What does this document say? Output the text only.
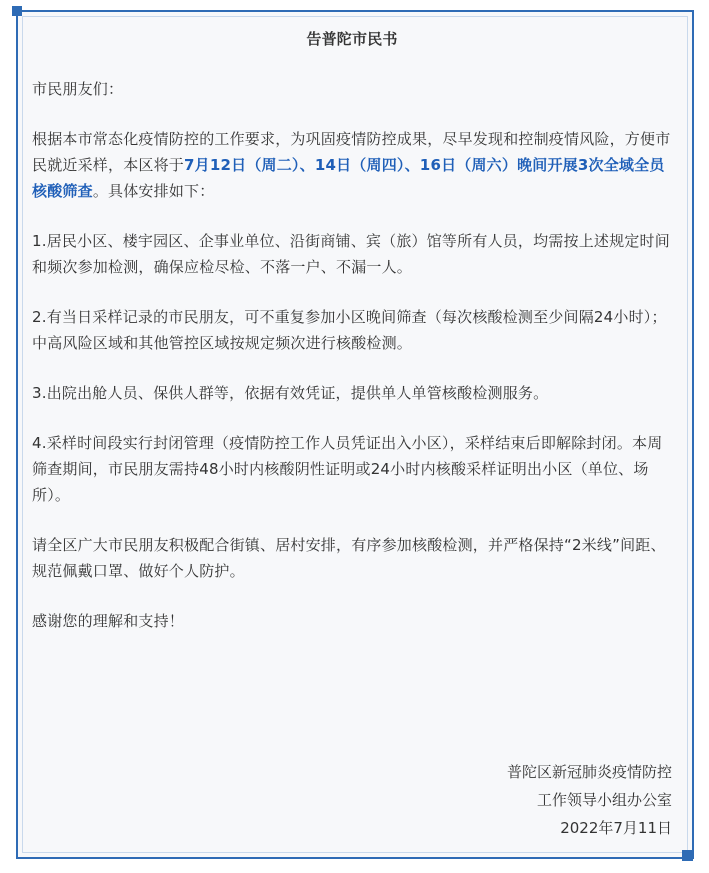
告普陀市民书
市民朋友们：
根据本市常态化疫情防控的工作要求，为巩固疫情防控成果，尽早发现和控制疫情风险，方便市民就近采样，本区将于7月12日（周二）、14日（周四）、16日（周六）晚间开展3次全域全员核酸筛查。具体安排如下：
1.居民小区、楼宇园区、企事业单位、沿街商铺、宾（旅）馆等所有人员，均需按上述规定时间和频次参加检测，确保应检尽检、不落一户、不漏一人。
2.有当日采样记录的市民朋友，可不重复参加小区晚间筛查（每次核酸检测至少间隔24小时）；中高风险区域和其他管控区域按规定频次进行核酸检测。
3.出院出舱人员、保供人群等，依据有效凭证，提供单人单管核酸检测服务。
4.采样时间段实行封闭管理（疫情防控工作人员凭证出入小区），采样结束后即解除封闭。本周筛查期间，市民朋友需持48小时内核酸阴性证明或24小时内核酸采样证明出小区（单位、场所）。
请全区广大市民朋友积极配合街镇、居村安排，有序参加核酸检测，并严格保持“2米线”间距、规范佩戴口罩、做好个人防护。
感谢您的理解和支持！
普陀区新冠肺炎疫情防控
工作领导小组办公室
2022年7月11日
